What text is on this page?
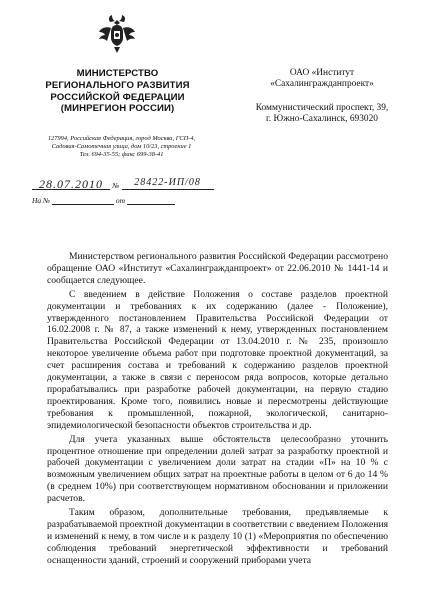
МИНИСТЕРСТВО
РЕГИОНАЛЬНОГО РАЗВИТИЯ
РОССИЙСКОЙ ФЕДЕРАЦИИ
(МИНРЕГИОН РОССИИ)
127994, Российская Федерация, город Москва, ГСП-4,
Садовая-Самотечная улица, дом 10/23, строение 1
Тел. 694-35-55; факс 699-38-41
ОАО «Институт
«Сахалингражданпроект»
Коммунистический проспект, 39,
г. Южно-Сахалинск, 693020
28.07.2010 № 28422-ИП/08
На №	от

Министерством регионального развития Российской Федерации рассмотрено обращение ОАО «Институт «Сахалингражданпроект» от 22.06.2010 № 1441-14 и сообщается следующее.

С введением в действие Положения о составе разделов проектной документации и требованиях к их содержанию (далее - Положение), утвержденного постановлением Правительства Российской Федерации от 16.02.2008 г. № 87, а также изменений к нему, утвержденных постановлением Правительства Российской Федерации от 13.04.2010 г. № 235, произошло некоторое увеличение объема работ при подготовке проектной документаций, за счет расширения состава и требований к содержанию разделов проектной документации, а также в связи с переносом ряда вопросов, которые детально прорабатывались при разработке рабочей документации, на первую стадию проектирования. Кроме того, появились новые и пересмотрены действующие требования к промышленной, пожарной, экологической, санитарно-эпидемиологической безопасности объектов строительства и др.

Для учета указанных выше обстоятельств целесообразно уточнить процентное отношение при определении долей затрат за разработку проектной и рабочей документации с увеличением доли затрат на стадии «П» на 10 % с возможным увеличением общих затрат на проектные работы в целом от 6 до 14 % (в среднем 10%) при соответствующем нормативном обосновании и приложении расчетов.

Таким образом, дополнительные требования, предъявляемые к разрабатываемой проектной документации в соответствии с введением Положения и изменений к нему, в том числе и к разделу 10 (1) «Мероприятия по обеспечению соблюдения требований энергетической эффективности и требований оснащенности зданий, строений и сооружений приборами учета
